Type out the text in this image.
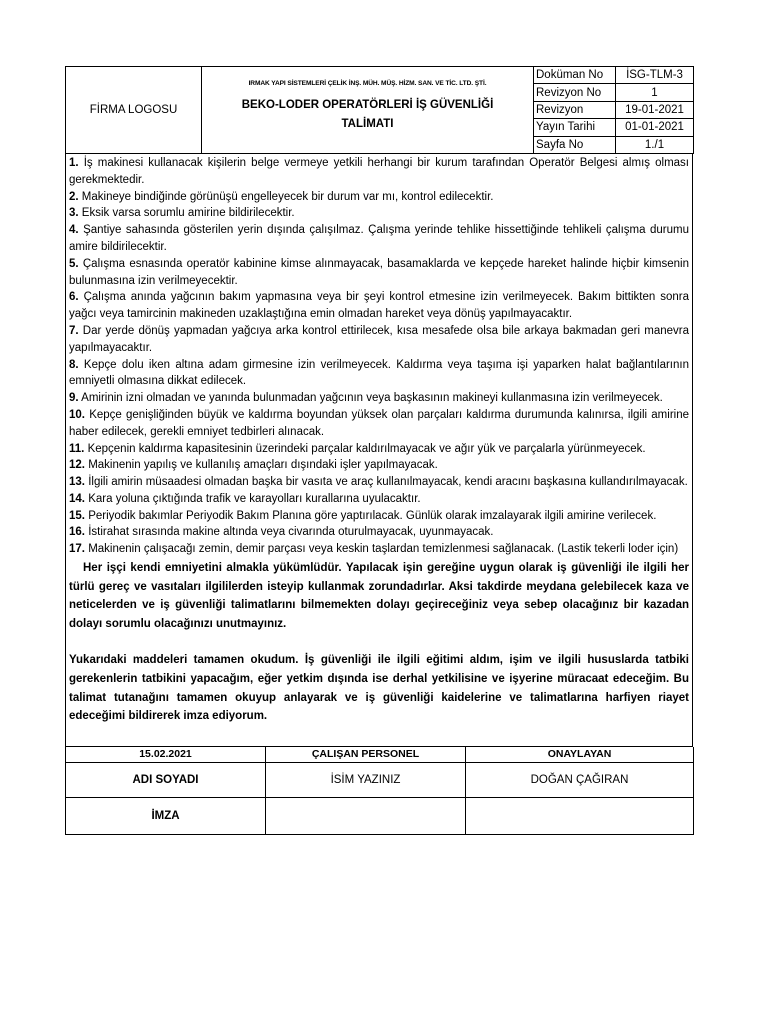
FİRMA LOGOSU	IRMAK YAPI SİSTEMLERİ ÇELİK İNŞ. MÜH. MÜŞ. HİZM. SAN. VE TİC. LTD. ŞTİ.
BEKO-LODER OPERATÖRLERİ İŞ GÜVENLİĞİ
TALİMATI	Doküman No	İSG-TLM-3
		Revizyon No	1
		Revizyon	19-01-2021
		Yayın Tarihi	01-01-2021
		Sayfa No	1./1

1. İş makinesi kullanacak kişilerin belge vermeye yetkili herhangi bir kurum tarafından Operatör Belgesi almış olması gerekmektedir.

2. Makineye bindiğinde görünüşü engelleyecek bir durum var mı, kontrol edilecektir.

3. Eksik varsa sorumlu amirine bildirilecektir.

4. Şantiye sahasında gösterilen yerin dışında çalışılmaz. Çalışma yerinde tehlike hissettiğinde tehlikeli çalışma durumu amire bildirilecektir.

5. Çalışma esnasında operatör kabinine kimse alınmayacak, basamaklarda ve kepçede hareket halinde hiçbir kimsenin bulunmasına izin verilmeyecektir.

6. Çalışma anında yağcının bakım yapmasına veya bir şeyi kontrol etmesine izin verilmeyecek. Bakım bittikten sonra yağcı veya tamircinin makineden uzaklaştığına emin olmadan hareket veya dönüş yapılmayacaktır.

7. Dar yerde dönüş yapmadan yağcıya arka kontrol ettirilecek, kısa mesafede olsa bile arkaya bakmadan geri manevra yapılmayacaktır.

8. Kepçe dolu iken altına adam girmesine izin verilmeyecek. Kaldırma veya taşıma işi yaparken halat bağlantılarının emniyetli olmasına dikkat edilecek.

9. Amirinin izni olmadan ve yanında bulunmadan yağcının veya başkasının makineyi kullanmasına izin verilmeyecek.

10. Kepçe genişliğinden büyük ve kaldırma boyundan yüksek olan parçaları kaldırma durumunda kalınırsa, ilgili amirine haber edilecek, gerekli emniyet tedbirleri alınacak.

11. Kepçenin kaldırma kapasitesinin üzerindeki parçalar kaldırılmayacak ve ağır yük ve parçalarla yürünmeyecek.

12. Makinenin yapılış ve kullanılış amaçları dışındaki işler yapılmayacak.

13. İlgili amirin müsaadesi olmadan başka bir vasıta ve araç kullanılmayacak, kendi aracını başkasına kullandırılmayacak.

14. Kara yoluna çıktığında trafik ve karayolları kurallarına uyulacaktır.

15. Periyodik bakımlar Periyodik Bakım Planına göre yaptırılacak. Günlük olarak imzalayarak ilgili amirine verilecek.

16. İstirahat sırasında makine altında veya civarında oturulmayacak, uyunmayacak.

17. Makinenin çalışacağı zemin, demir parçası veya keskin taşlardan temizlenmesi sağlanacak. (Lastik tekerli loder için)

Her işçi kendi emniyetini almakla yükümlüdür. Yapılacak işin gereğine uygun olarak iş güvenliği ile ilgili her türlü gereç ve vasıtaları ilgililerden isteyip kullanmak zorundadırlar. Aksi takdirde meydana gelebilecek kaza ve neticelerden ve iş güvenliği talimatlarını bilmemekten dolayı geçireceğiniz veya sebep olacağınız bir kazadan dolayı sorumlu olacağınızı unutmayınız.

Yukarıdaki maddeleri tamamen okudum. İş güvenliği ile ilgili eğitimi aldım, işim ve ilgili hususlarda tatbiki gerekenlerin tatbikini yapacağım, eğer yetkim dışında ise derhal yetkilisine ve işyerine müracaat edeceğim. Bu talimat tutanağını tamamen okuyup anlayarak ve iş güvenliği kaidelerine ve talimatlarına harfiyen riayet edeceğimi bildirerek imza ediyorum.

15.02.2021	ÇALIŞAN PERSONEL	ONAYLAYAN
ADI SOYADI	İSİM YAZINIZ	DOĞAN ÇAĞIRAN
İMZA		
